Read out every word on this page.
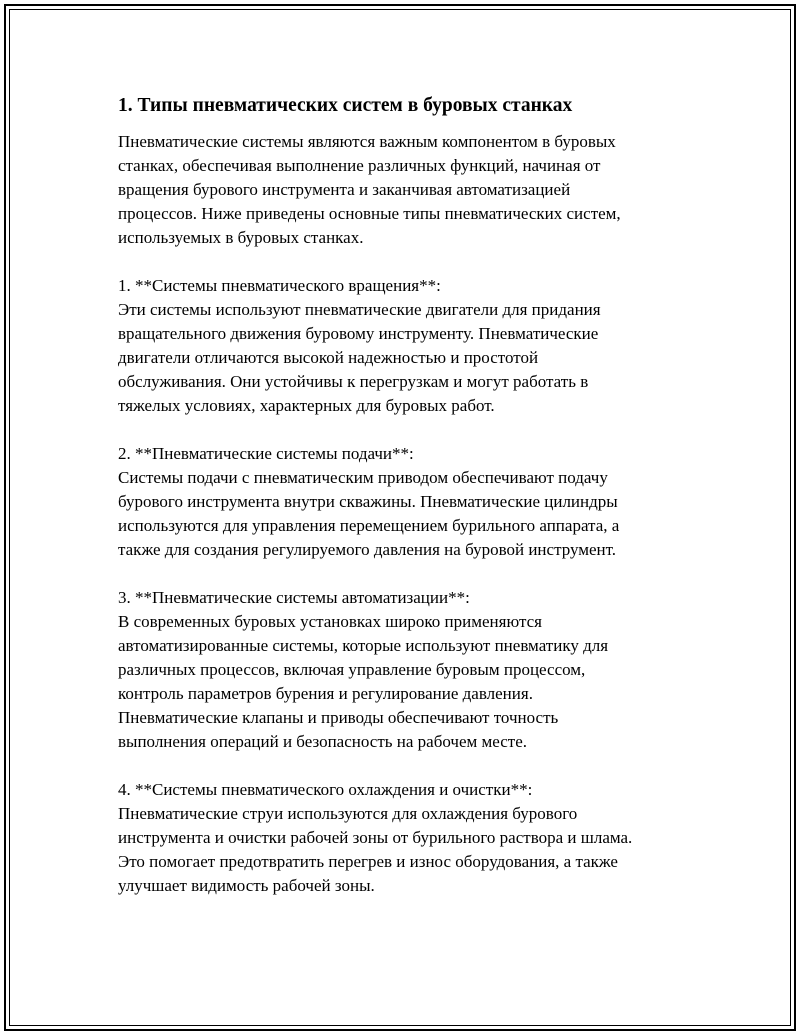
1. Типы пневматических систем в буровых станках

Пневматические системы являются важным компонентом в буровых
станках, обеспечивая выполнение различных функций, начиная от
вращения бурового инструмента и заканчивая автоматизацией
процессов. Ниже приведены основные типы пневматических систем,
используемых в буровых станках.

1. **Системы пневматического вращения**:

Эти системы используют пневматические двигатели для придания
вращательного движения буровому инструменту. Пневматические
двигатели отличаются высокой надежностью и простотой
обслуживания. Они устойчивы к перегрузкам и могут работать в
тяжелых условиях, характерных для буровых работ.

2. **Пневматические системы подачи**:

Системы подачи с пневматическим приводом обеспечивают подачу
бурового инструмента внутри скважины. Пневматические цилиндры
используются для управления перемещением бурильного аппарата, а
также для создания регулируемого давления на буровой инструмент.

3. **Пневматические системы автоматизации**:

В современных буровых установках широко применяются
автоматизированные системы, которые используют пневматику для
различных процессов, включая управление буровым процессом,
контроль параметров бурения и регулирование давления.
Пневматические клапаны и приводы обеспечивают точность
выполнения операций и безопасность на рабочем месте.

4. **Системы пневматического охлаждения и очистки**:

Пневматические струи используются для охлаждения бурового
инструмента и очистки рабочей зоны от бурильного раствора и шлама.
Это помогает предотвратить перегрев и износ оборудования, а также
улучшает видимость рабочей зоны.
